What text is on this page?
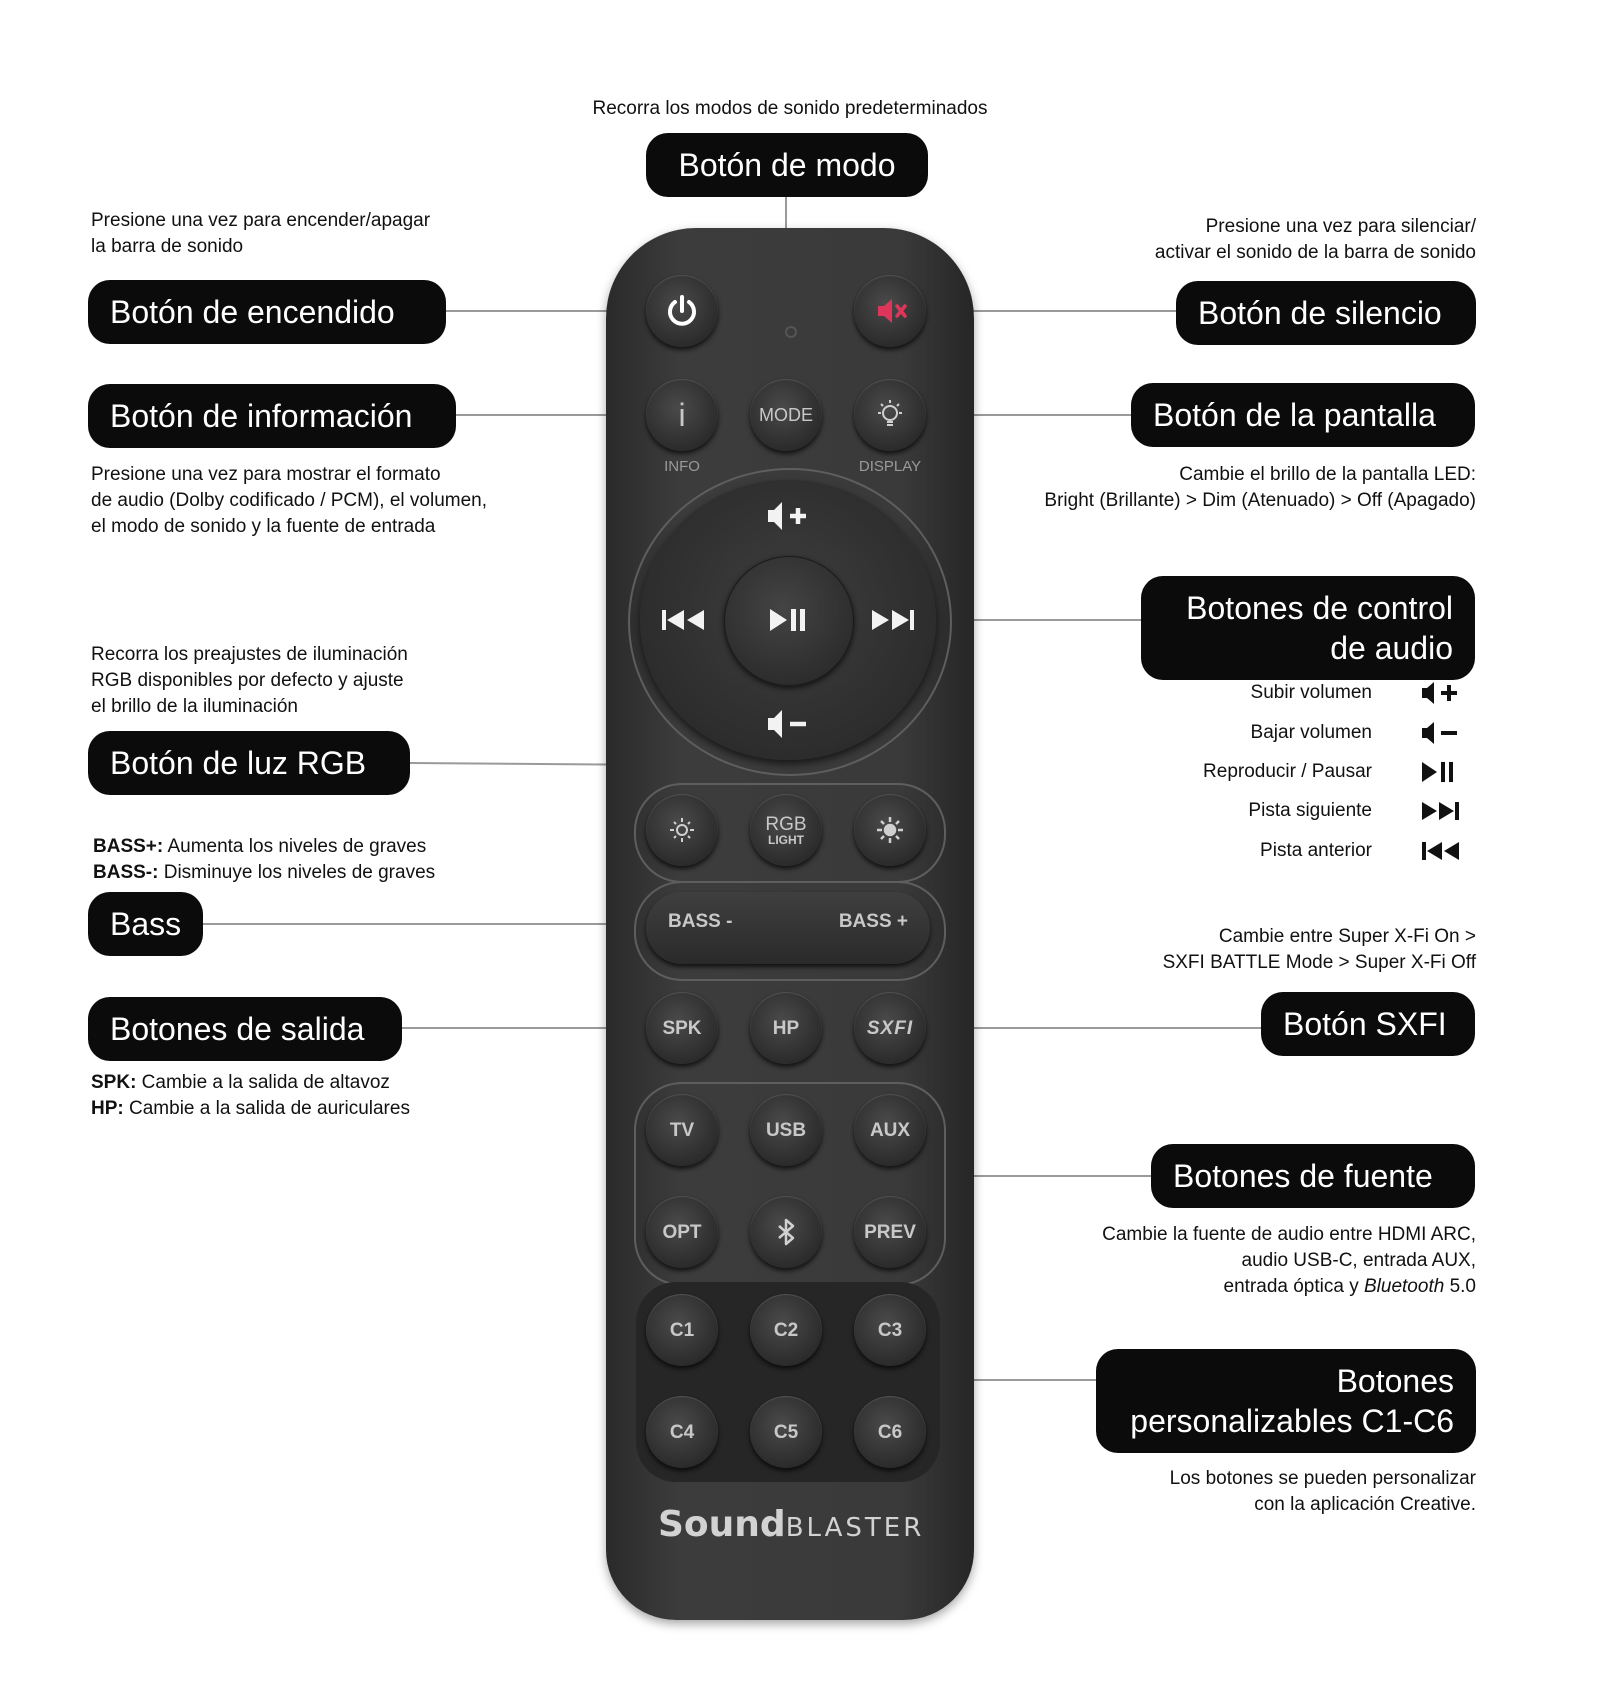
i
INFO
MODE
DISPLAY
RGB
LIGHT
BASS -	BASS +
SPK	HP	SXFI
TV	USB	AUX
OPT	PREV
C1	C2	C3
C4	C5	C6
SoundBLASTER
Recorra los modos de sonido predeterminados
Botón de modo
Presione una vez para encender/apagar
la barra de sonido
Botón de encendido
Presione una vez para silenciar/
activar el sonido de la barra de sonido
Botón de silencio
Botón de información
Presione una vez para mostrar el formato
de audio (Dolby codificado / PCM), el volumen,
el modo de sonido y la fuente de entrada
Botón de la pantalla
Cambie el brillo de la pantalla LED:
Bright (Brillante) > Dim (Atenuado) > Off (Apagado)
Botones de control
de audio
Subir volumen
Bajar volumen
Reproducir / Pausar
Pista siguiente
Pista anterior
Recorra los preajustes de iluminación
RGB disponibles por defecto y ajuste
el brillo de la iluminación
Botón de luz RGB
BASS+: Aumenta los niveles de graves
BASS-: Disminuye los niveles de graves
Bass	Cambie entre Super X-Fi On >
SXFI BATTLE Mode > Super X-Fi Off
Botón SXFI
Botones de salida
SPK: Cambie a la salida de altavoz
HP: Cambie a la salida de auriculares
Botones de fuente
Cambie la fuente de audio entre HDMI ARC,
audio USB-C, entrada AUX,
entrada óptica y Bluetooth 5.0
Botones
personalizables C1-C6
Los botones se pueden personalizar
con la aplicación Creative.
